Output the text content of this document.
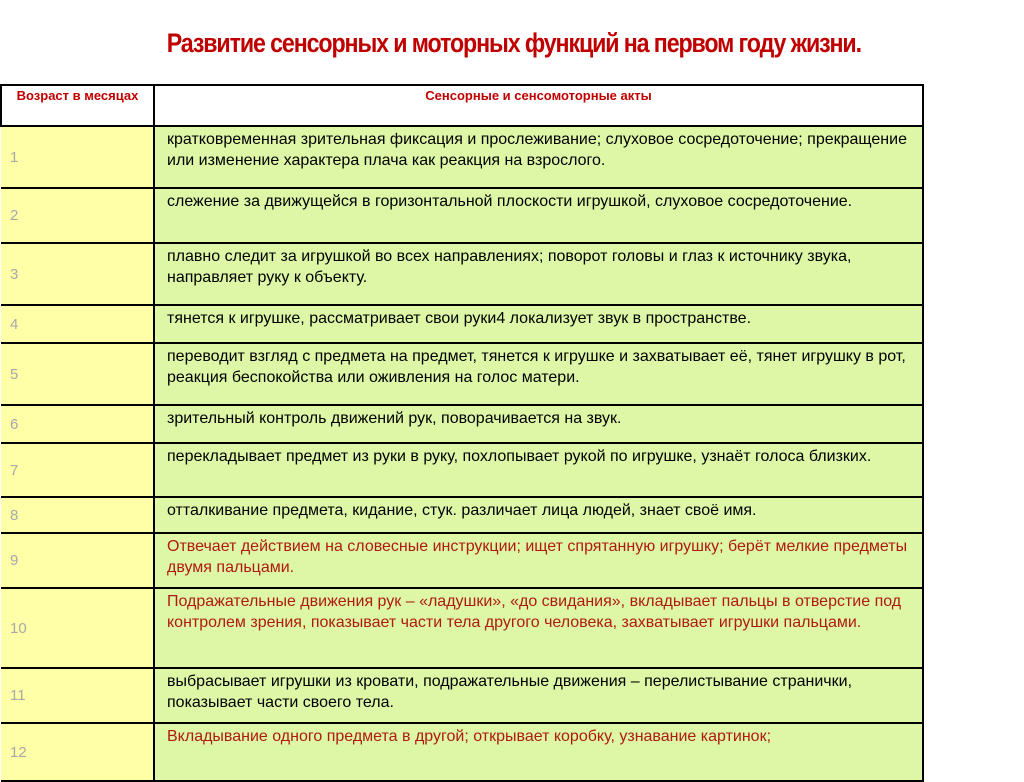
Развитие сенсорных и моторных функций на первом году жизни.
Возраст в месяцах	Сенсорные и сенсомоторные акты
1	кратковременная зрительная фиксация и прослеживание; слуховое сосредоточение; прекращение или изменение характера плача как реакция на взрослого.
2	слежение за движущейся в горизонтальной плоскости игрушкой, слуховое сосредоточение.
3	плавно следит за игрушкой во всех направлениях; поворот головы и глаз к источнику звука, направляет руку к объекту.
4	тянется к игрушке, рассматривает свои руки4 локализует звук в пространстве.
5	переводит взгляд с предмета на предмет, тянется к игрушке и захватывает её, тянет игрушку в рот, реакция беспокойства или оживления на голос матери.
6	зрительный контроль движений рук, поворачивается на звук.
7	перекладывает предмет из руки в руку, похлопывает рукой по игрушке, узнаёт голоса близких.
8	отталкивание предмета, кидание, стук. различает лица людей, знает своё имя.
9	Отвечает действием на словесные инструкции; ищет спрятанную игрушку; берёт мелкие предметы двумя пальцами.
10	Подражательные движения рук – «ладушки», «до свидания», вкладывает пальцы в отверстие под контролем зрения, показывает части тела другого человека, захватывает игрушки пальцами.
11	выбрасывает игрушки из кровати, подражательные движения – перелистывание странички, показывает части своего тела.
12	Вкладывание одного предмета в другой; открывает коробку, узнавание картинок;
